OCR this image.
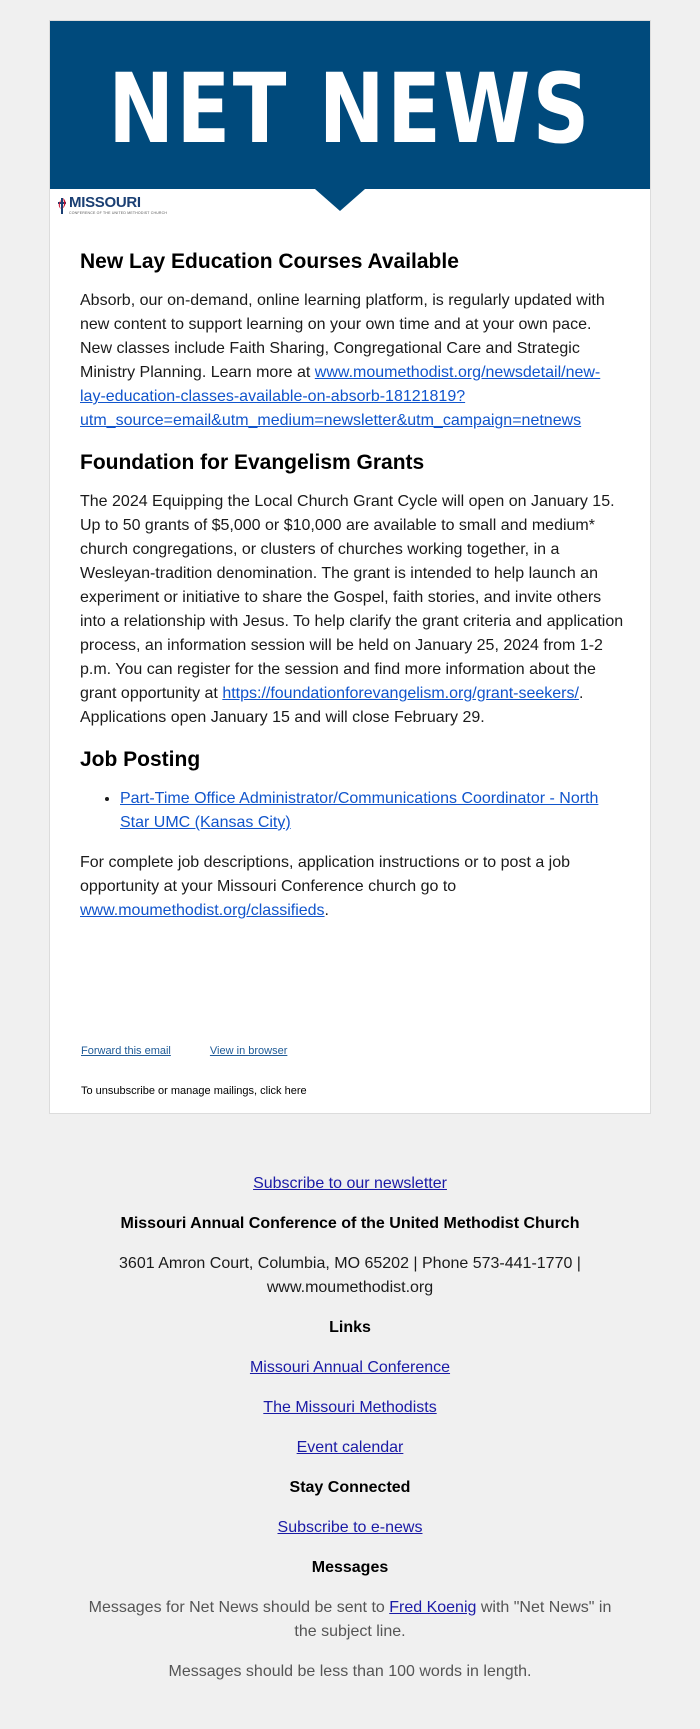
NET NEWS
MISSOURI
CONFERENCE OF THE UNITED METHODIST CHURCH
New Lay Education Courses Available

Absorb, our on-demand, online learning platform, is regularly updated with new content to support learning on your own time and at your own pace. New classes include Faith Sharing, Congregational Care and Strategic Ministry Planning. Learn more at www.moumethodist.org/newsdetail/new-lay-education-classes-available-on-absorb-18121819?utm_source=email&utm_medium=newsletter&utm_campaign=netnews

Foundation for Evangelism Grants

The 2024 Equipping the Local Church Grant Cycle will open on January 15. Up to 50 grants of $5,000 or $10,000 are available to small and medium* church congregations, or clusters of churches working together, in a Wesleyan-tradition denomination. The grant is intended to help launch an experiment or initiative to share the Gospel, faith stories, and invite others into a relationship with Jesus. To help clarify the grant criteria and application process, an information session will be held on January 25, 2024 from 1-2 p.m. You can register for the session and find more information about the grant opportunity at https://foundationforevangelism.org/grant-seekers/. Applications open January 15 and will close February 29.

Job Posting
• Part-Time Office Administrator/Communications Coordinator - North Star UMC (Kansas City)

For complete job descriptions, application instructions or to post a job opportunity at your Missouri Conference church go to www.moumethodist.org/classifieds.

Forward this email	View in browser
To unsubscribe or manage mailings, click here
Subscribe to our newsletter
Missouri Annual Conference of the United Methodist Church
3601 Amron Court, Columbia, MO 65202 | Phone 573-441-1770 |
www.moumethodist.org
Links
Missouri Annual Conference
The Missouri Methodists
Event calendar
Stay Connected
Subscribe to e-news
Messages
Messages for Net News should be sent to Fred Koenig with "Net News" in
the subject line.
Messages should be less than 100 words in length.
